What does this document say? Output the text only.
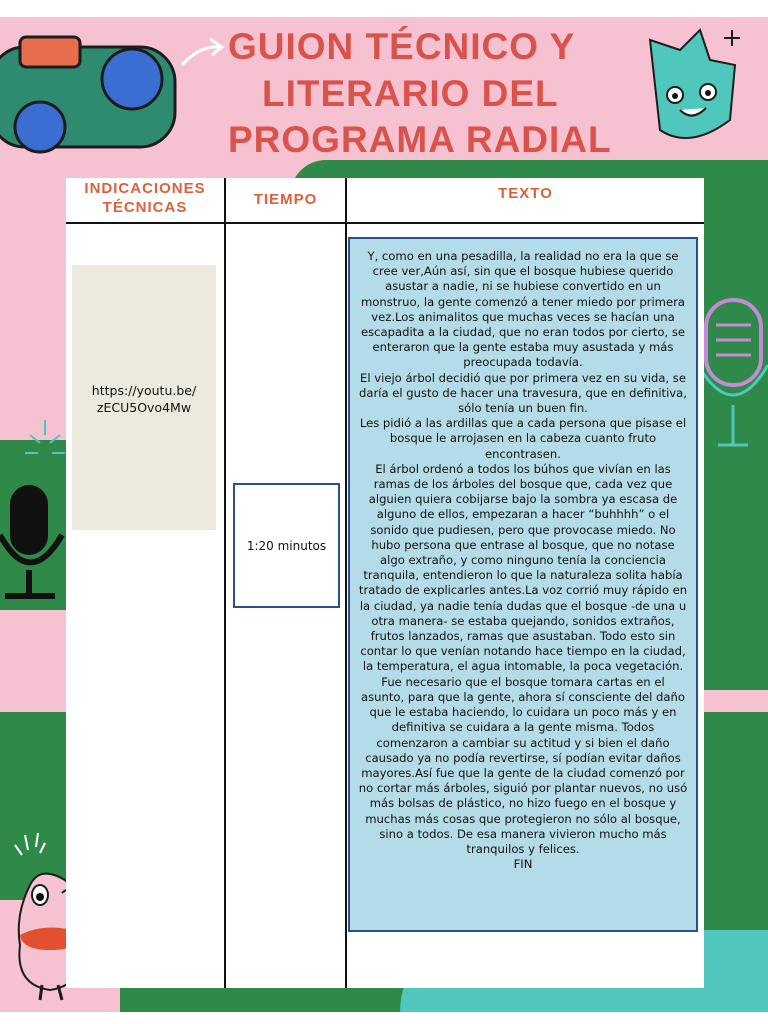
GUION TÉCNICO Y
LITERARIO DEL
PROGRAMA RADIAL
INDICACIONES
TÉCNICAS	TIEMPO	TEXTO
https://youtu.be/
zECU5Ovo4Mw
1:20 minutos

Y, como en una pesadilla, la realidad no era la que se cree ver,Aún así, sin que el bosque hubiese querido asustar a nadie, ni se hubiese convertido en un monstruo, la gente comenzó a tener miedo por primera vez.Los animalitos que muchas veces se hacían una escapadita a la ciudad, que no eran todos por cierto, se enteraron que la gente estaba muy asustada y más preocupada todavía.

El viejo árbol decidió que por primera vez en su vida, se daría el gusto de hacer una travesura, que en definitiva, sólo tenía un buen fin.

Les pidió a las ardillas que a cada persona que pisase el bosque le arrojasen en la cabeza cuanto fruto encontrasen.

El árbol ordenó a todos los búhos que vivían en las ramas de los árboles del bosque que, cada vez que alguien quiera cobijarse bajo la sombra ya escasa de alguno de ellos, empezaran a hacer “buhhhh” o el sonido que pudiesen, pero que provocase miedo. No hubo persona que entrase al bosque, que no notase algo extraño, y como ninguno tenía la conciencia tranquila, entendieron lo que la naturaleza solita había tratado de explicarles antes.La voz corrió muy rápido en la ciudad, ya nadie tenía dudas que el bosque -de una u otra manera- se estaba quejando, sonidos extraños, frutos lanzados, ramas que asustaban. Todo esto sin contar lo que venían notando hace tiempo en la ciudad, la temperatura, el agua intomable, la poca vegetación.

Fue necesario que el bosque tomara cartas en el asunto, para que la gente, ahora sí consciente del daño que le estaba haciendo, lo cuidara un poco más y en definitiva se cuidara a la gente misma. Todos comenzaron a cambiar su actitud y si bien el daño causado ya no podía revertirse, sí podían evitar daños mayores.Así fue que la gente de la ciudad comenzó por no cortar más árboles, siguió por plantar nuevos, no usó más bolsas de plástico, no hizo fuego en el bosque y muchas más cosas que protegieron no sólo al bosque, sino a todos. De esa manera vivieron mucho más tranquilos y felices.

FIN
